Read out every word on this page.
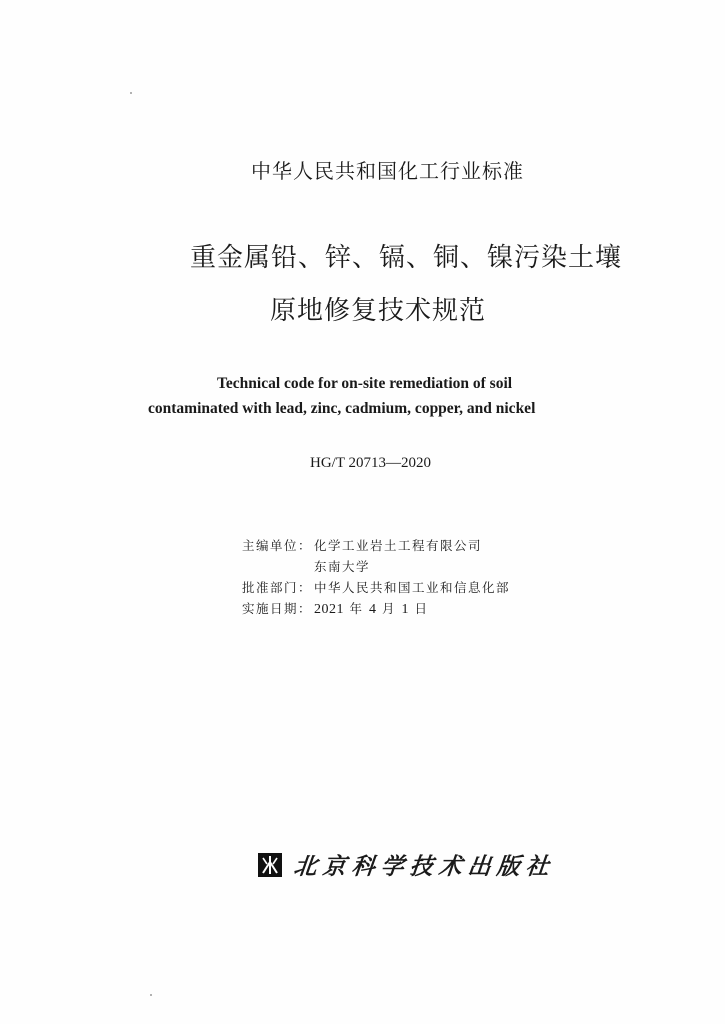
中华人民共和国化工行业标准
重金属铅、锌、镉、铜、镍污染土壤
原地修复技术规范
Technical code for on-site remediation of soil
contaminated with lead, zinc, cadmium, copper, and nickel
HG/T 20713—2020
主编单位： 化学工业岩土工程有限公司
东南大学
批准部门： 中华人民共和国工业和信息化部
实施日期： 2021 年 4 月 1 日
北京科学技术出版社
